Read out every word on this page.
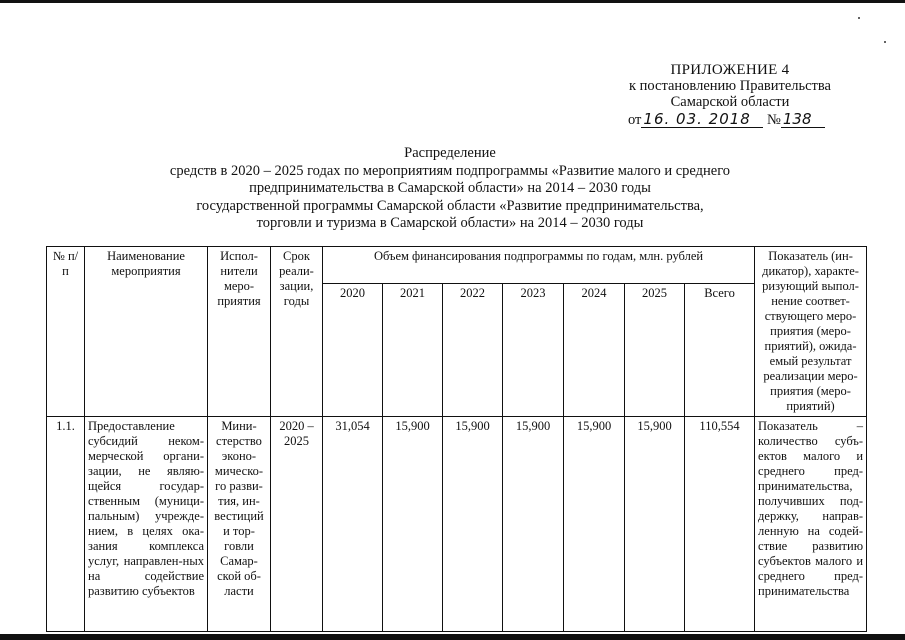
ПРИЛОЖЕНИЕ 4
к постановлению Правительства
Самарской области
от 16. 03. 2018 № 138
Распределение
средств в 2020 – 2025 годах по мероприятиям подпрограммы «Развитие малого и среднего
предпринимательства в Самарской области» на 2014 – 2030 годы
государственной программы Самарской области «Развитие предпринимательства,
торговли и туризма в Самарской области» на 2014 – 2030 годы
№ п/п	Наименование мероприятия	Испол-нители меро-приятия	Срок реали-зации, годы	Объем финансирования подпрограммы по годам, млн. рублей							Показатель (ин-дикатор), характе-ризующий выпол-нение соответ-ствующего меро-приятия (меро-приятий), ожида-емый результат реализации меро-приятия (меро-приятий)
				2020	2021	2022	2023	2024	2025	Всего	
1.1.	Предоставление субсидий неком-мерческой органи-зации, не являю-щейся государ-ственным (муници-пальным) учрежде-нием, в целях ока-зания комплекса услуг, направлен-ных на содействие развитию субъектов	Мини-стерство эконо-мическо-го разви-тия, ин-вестиций и тор-говли Самар-ской об-ласти	2020 – 2025	31,054	15,900	15,900	15,900	15,900	15,900	110,554	Показатель – количество субъ-ектов малого и среднего пред-принимательства, получивших под-держку, направ-ленную на содей-ствие развитию субъектов малого и среднего пред-принимательства
